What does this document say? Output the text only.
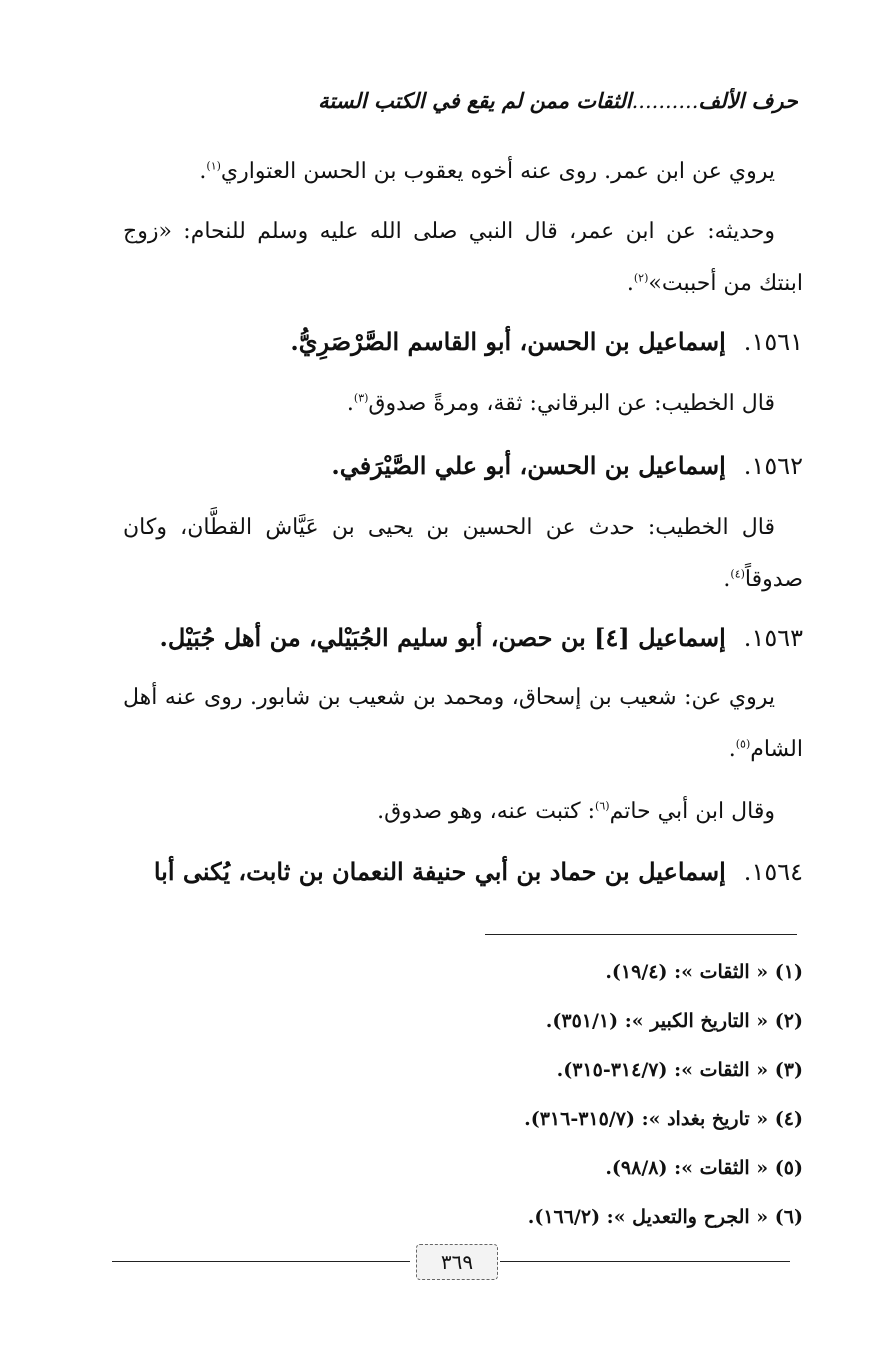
حرف الألف..........الثقات ممن لم يقع في الكتب الستة

يروي عن ابن عمر. روى عنه أخوه يعقوب بن الحسن العتواري$^{(١)}$.

وحديثه: عن ابن عمر، قال النبي صلى الله عليه وسلم للنحام: «زوج ابنتك من أحببت»$^{(٢)}$.

١٥٦١.إسماعيل بن الحسن، أبو القاسم الصَّرْصَرِيُّ.

قال الخطيب: عن البرقاني: ثقة، ومرةً صدوق$^{(٣)}$.

١٥٦٢.إسماعيل بن الحسن، أبو علي الصَّيْرَفي.

قال الخطيب: حدث عن الحسين بن يحيى بن عَيَّاش القطَّان، وكان صدوقاً$^{(٤)}$.

١٥٦٣.إسماعيل [٤] بن حصن، أبو سليم الجُبَيْلي، من أهل جُبَيْل.

يروي عن: شعيب بن إسحاق، ومحمد بن شعيب بن شابور. روى عنه أهل الشام$^{(٥)}$.

وقال ابن أبي حاتم$^{(٦)}$: كتبت عنه، وهو صدوق.

١٥٦٤.إسماعيل بن حماد بن أبي حنيفة النعمان بن ثابت، يُكنى أبا
(١) « الثقات »: (١٩/٤).
(٢) « التاريخ الكبير »: (٣٥١/١).
(٣) « الثقات »: (٣١٤/٧-٣١٥).
(٤) « تاريخ بغداد »: (٣١٥/٧-٣١٦).
(٥) « الثقات »: (٩٨/٨).
(٦) « الجرح والتعديل »: (١٦٦/٢).
٣٦٩
